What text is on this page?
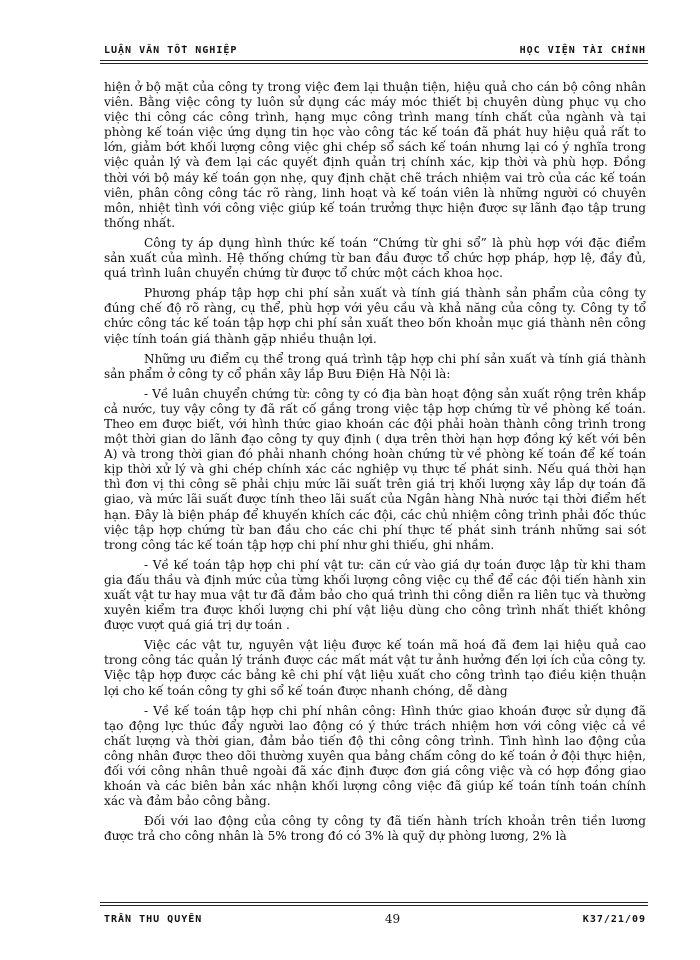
LUẬN VĂN TỐT NGHIỆP	HỌC VIỆN TÀI CHÍNH

hiện ở bộ mặt của công ty trong việc đem lại thuận tiện, hiệu quả cho cán bộ công nhân viên. Bằng việc công ty luôn sử dụng các máy móc thiết bị chuyên dùng phục vụ cho việc thi công các công trình, hạng mục công trình mang tính chất của ngành và tại phòng kế toán việc ứng dụng tin học vào công tác kế toán đã phát huy hiệu quả rất to lớn, giảm bớt khối lượng công việc ghi chép sổ sách kế toán nhưng lại có ý nghĩa trong việc quản lý và đem lại các quyết định quản trị chính xác, kịp thời và phù hợp. Đồng thời với bộ máy kế toán gọn nhẹ, quy định chặt chẽ trách nhiệm vai trò của các kế toán viên, phân công công tác rõ ràng, linh hoạt và kế toán viên là những người có chuyên môn, nhiệt tình với công việc giúp kế toán trưởng thực hiện được sự lãnh đạo tập trung thống nhất.

Công ty áp dụng hình thức kế toán “Chứng từ ghi sổ” là phù hợp với đặc điểm sản xuất của mình. Hệ thống chứng từ ban đầu được tổ chức hợp pháp, hợp lệ, đầy đủ, quá trình luân chuyển chứng từ được tổ chức một cách khoa học.

Phương pháp tập hợp chi phí sản xuất và tính giá thành sản phẩm của công ty đúng chế độ rõ ràng, cụ thể, phù hợp với yêu cầu và khả năng của công ty. Công ty tổ chức công tác kế toán tập hợp chi phí sản xuất theo bốn khoản mục giá thành nên công việc tính toán giá thành gặp nhiều thuận lợi.

Những ưu điểm cụ thể trong quá trình tập hợp chi phí sản xuất và tính giá thành sản phẩm ở công ty cổ phần xây lắp Bưu Điện Hà Nội là:

- Về luân chuyển chứng từ: công ty có địa bàn hoạt động sản xuất rộng trên khắp cả nước, tuy vậy công ty đã rất cố gắng trong việc tập hợp chứng từ về phòng kế toán. Theo em được biết, với hình thức giao khoán các đội phải hoàn thành công trình trong một thời gian do lãnh đạo công ty quy định ( dựa trên thời hạn hợp đồng ký kết với bên A) và trong thời gian đó phải nhanh chóng hoàn chứng từ về phòng kế toán để kế toán kịp thời xử lý và ghi chép chính xác các nghiệp vụ thực tế phát sinh. Nếu quá thời hạn thì đơn vị thi công sẽ phải chịu mức lãi suất trên giá trị khối lượng xây lắp dự toán đã giao, và mức lãi suất được tính theo lãi suất của Ngân hàng Nhà nước tại thời điểm hết hạn. Đây là biện pháp để khuyến khích các đội, các chủ nhiệm công trình phải đốc thúc việc tập hợp chứng từ ban đầu cho các chi phí thực tế phát sinh tránh những sai sót trong công tác kế toán tập hợp chi phí như ghi thiếu, ghi nhầm.

- Về kế toán tập hợp chi phí vật tư: căn cứ vào giá dự toán được lập từ khi tham gia đấu thầu và định mức của từng khối lượng công việc cụ thể để các đội tiến hành xin xuất vật tư hay mua vật tư đã đảm bảo cho quá trình thi công diễn ra liên tục và thường xuyên kiểm tra được khối lượng chi phí vật liệu dùng cho công trình nhất thiết không được vượt quá giá trị dự toán .

Việc các vật tư, nguyên vật liệu được kế toán mã hoá đã đem lại hiệu quả cao trong công tác quản lý tránh được các mất mát vật tư ảnh hưởng đến lợi ích của công ty. Việc tập hợp được các bảng kê chi phí vật liệu xuất cho công trình tạo điều kiện thuận lợi cho kế toán công ty ghi sổ kế toán được nhanh chóng, dễ dàng

- Về kế toán tập hợp chi phí nhân công: Hình thức giao khoán được sử dụng đã tạo động lực thúc đẩy người lao động có ý thức trách nhiệm hơn với công việc cả về chất lượng và thời gian, đảm bảo tiến độ thi công công trình. Tình hình lao động của công nhân được theo dõi thường xuyên qua bảng chấm công do kế toán ở đội thực hiện, đối với công nhân thuê ngoài đã xác định được đơn giá công việc và có hợp đồng giao khoán và các biên bản xác nhận khối lượng công việc đã giúp kế toán tính toán chính xác và đảm bảo công bằng.

Đối với lao động của công ty công ty đã tiến hành trích khoản trên tiền lương được trả cho công nhân là 5% trong đó có 3% là quỹ dự phòng lương, 2% là

TRẦN THU QUYÊN	49	K37/21/09
